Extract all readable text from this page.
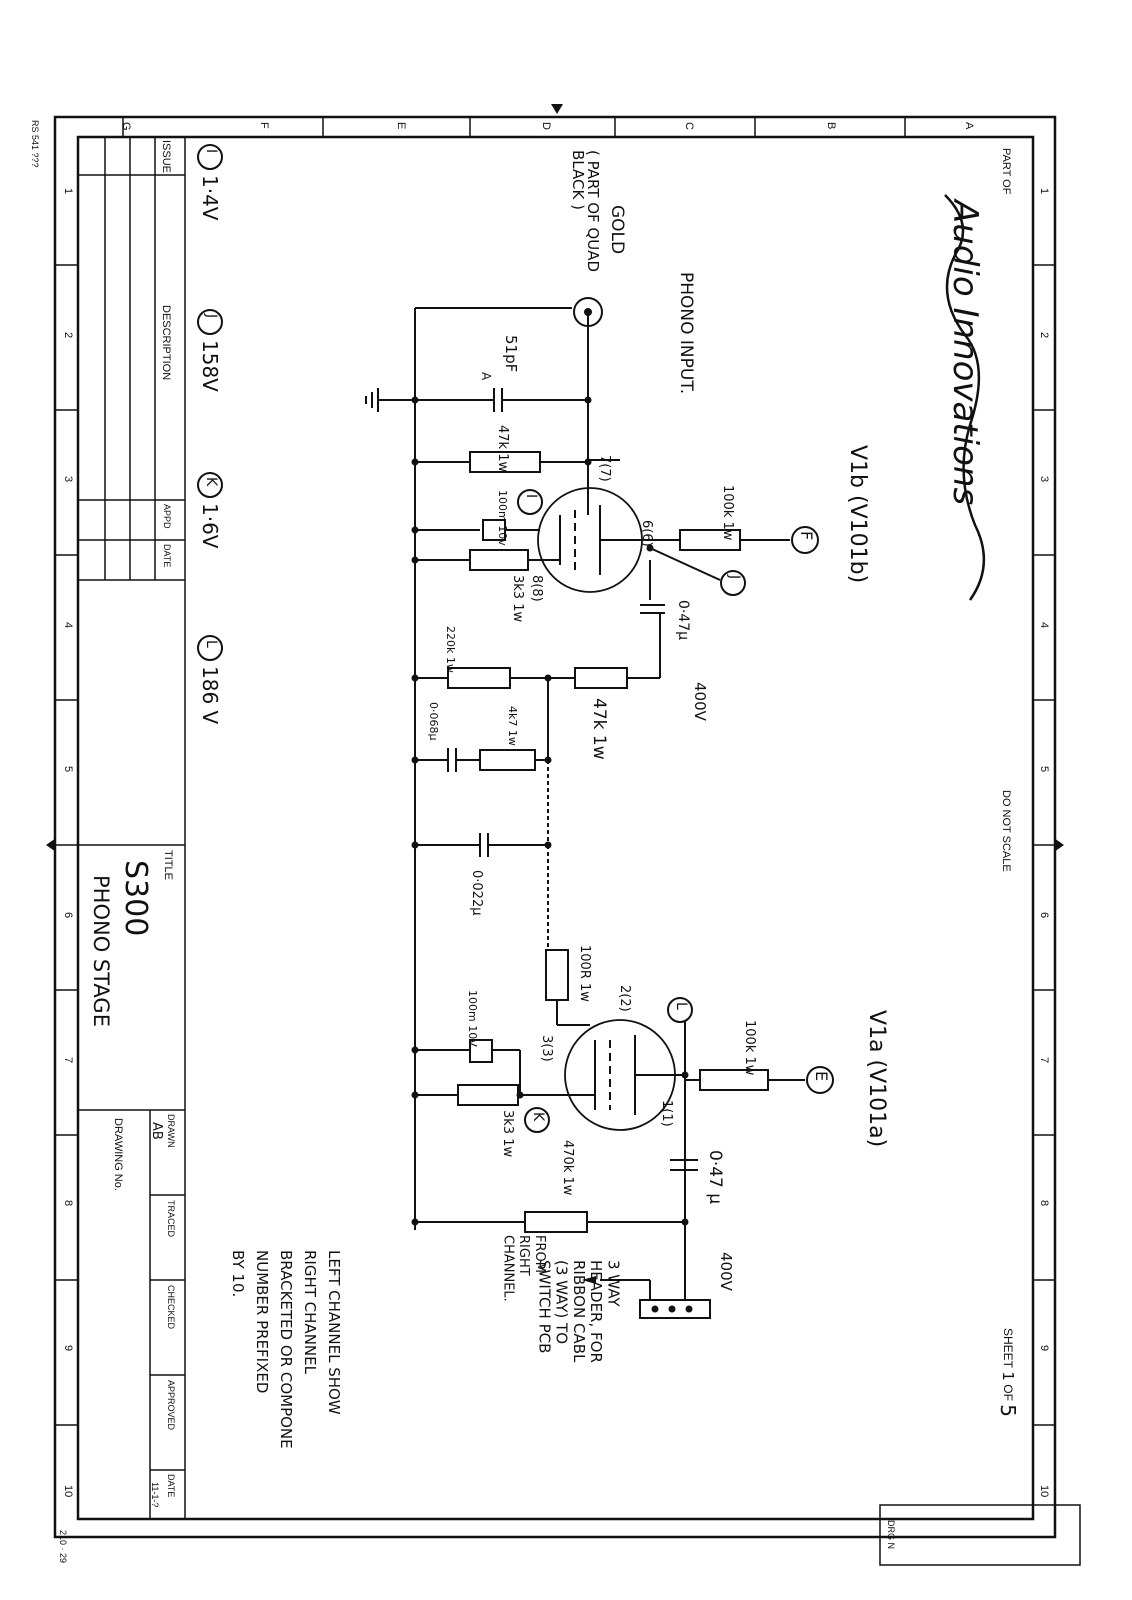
G	F	E	D	C	B	A
1
2
3
4
5
6
7
8
9
10
1
2
3
4
5
6
7
8
9
10
PART OF
DO NOT SCALE
SHEET 1 OF 5
Audio Innovations
RS 541 ???
210 · 29	DRG N
ISSUE
DESCRIPTION
APPD
DATE
TITLE
S300
PHONO STAGE
DRAWN
AB
TRACED
CHECKED
APPROVED
DATE
11-1-?
DRAWING No.
I
1·4V
J
158V
K
1·6V
L
186 V
PHONO INPUT.
GOLD
( PART OF QUAD BLACK )
51pF
A
V1b (V101b)
V1a (V101a)
47k 1w
100k 1w
100m 10v
3k3 1w
6(6)
7(7)
8(8)
0·47µ
400V
220k 1w
4k7 1w	47k 1w
0·068µ
0·022µ
100R 1w 2(2)
3(3)
1(1)
100m 10V
100k 1w
3k3 1w
470k 1w	0·47 µ
400V
E
F
I
J
K
L
3 WAY
HEADER, FOR
RIBBON CABL
(3 WAY) TO
SWITCH PCB
FROM
RIGHT
CHANNEL.
LEFT CHANNEL SHOW
RIGHT CHANNEL
BRACKETED OR COMPONE
NUMBER PREFIXED
BY 10.
